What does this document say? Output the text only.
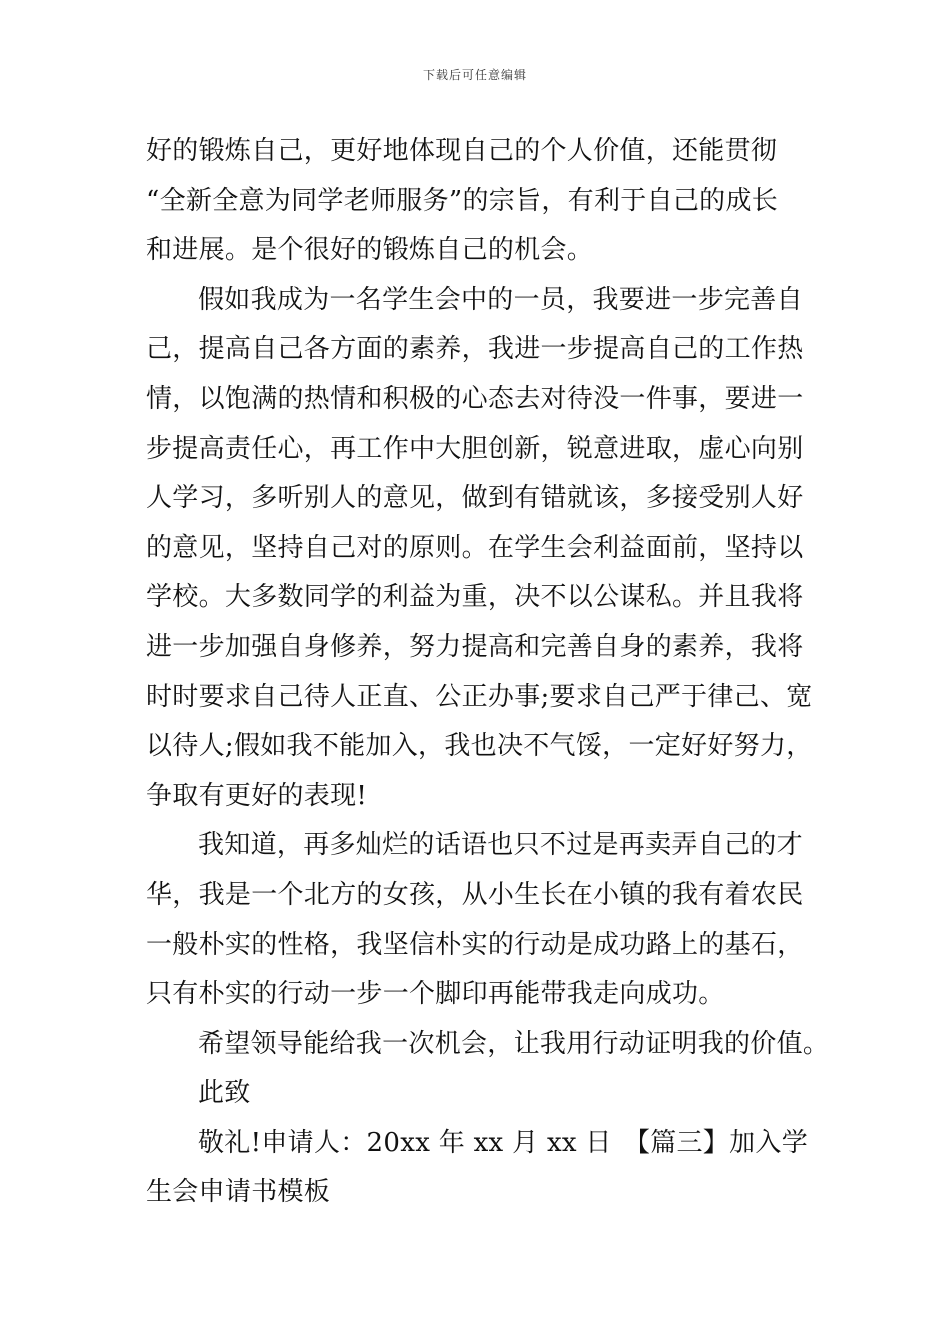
下载后可任意编辑
好的锻炼自己，更好地体现自己的个人价值，还能贯彻
“全新全意为同学老师服务”的宗旨，有利于自己的成长
和进展。是个很好的锻炼自己的机会。
假如我成为一名学生会中的一员，我要进一步完善自
己，提高自己各方面的素养，我进一步提高自己的工作热
情，以饱满的热情和积极的心态去对待没一件事，要进一
步提高责任心，再工作中大胆创新，锐意进取，虚心向别
人学习，多听别人的意见，做到有错就该，多接受别人好
的意见，坚持自己对的原则。在学生会利益面前，坚持以
学校。大多数同学的利益为重，决不以公谋私。并且我将
进一步加强自身修养，努力提高和完善自身的素养，我将
时时要求自己待人正直、公正办事;要求自己严于律己、宽
以待人;假如我不能加入，我也决不气馁，一定好好努力，
争取有更好的表现!
我知道，再多灿烂的话语也只不过是再卖弄自己的才
华，我是一个北方的女孩，从小生长在小镇的我有着农民
一般朴实的性格，我坚信朴实的行动是成功路上的基石，
只有朴实的行动一步一个脚印再能带我走向成功。
希望领导能给我一次机会，让我用行动证明我的价值。
此致
敬礼!申请人：20xx 年 xx 月 xx 日 【篇三】加入学
生会申请书模板
